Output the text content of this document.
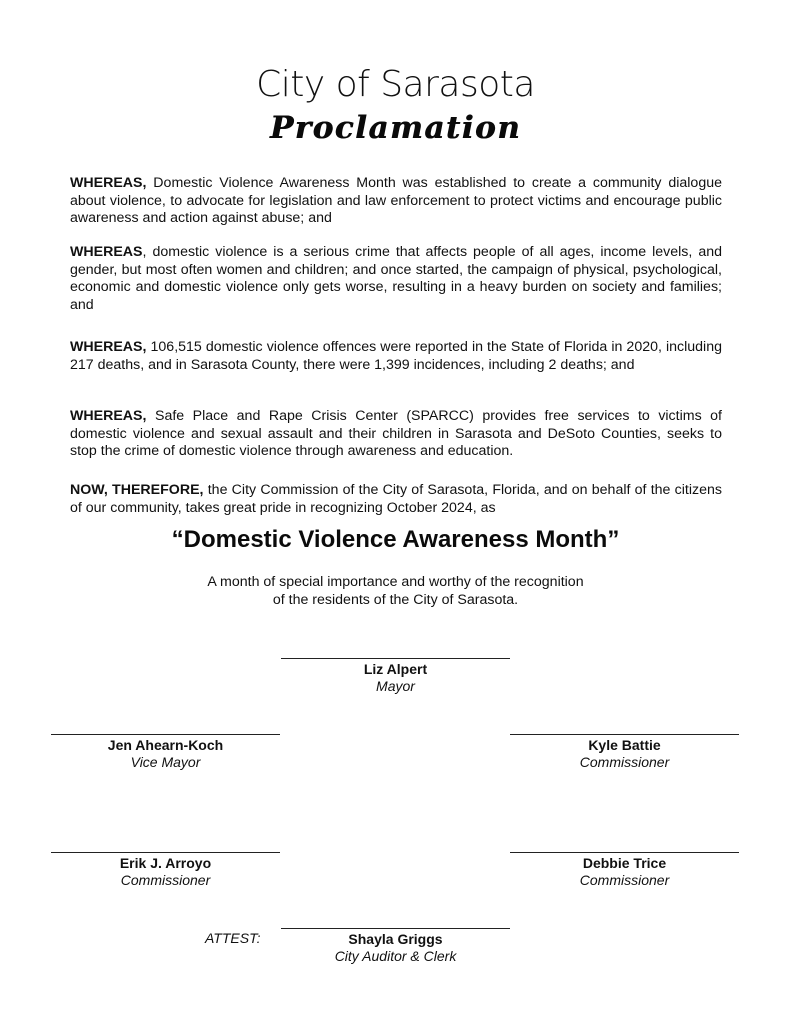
City of Sarasota
Proclamation

WHEREAS, Domestic Violence Awareness Month was established to create a community dialogue about violence, to advocate for legislation and law enforcement to protect victims and encourage public awareness and action against abuse; and

WHEREAS, domestic violence is a serious crime that affects people of all ages, income levels, and gender, but most often women and children; and once started, the campaign of physical, psychological, economic and domestic violence only gets worse, resulting in a heavy burden on society and families; and

WHEREAS, 106,515 domestic violence offences were reported in the State of Florida in 2020, including 217 deaths, and in Sarasota County, there were 1,399 incidences, including 2 deaths; and

WHEREAS, Safe Place and Rape Crisis Center (SPARCC) provides free services to victims of domestic violence and sexual assault and their children in Sarasota and DeSoto Counties, seeks to stop the crime of domestic violence through awareness and education.

NOW, THEREFORE, the City Commission of the City of Sarasota, Florida, and on behalf of the citizens of our community, takes great pride in recognizing October 2024, as

“Domestic Violence Awareness Month”
A month of special importance and worthy of the recognition
of the residents of the City of Sarasota.
Liz Alpert
Mayor
Jen Ahearn-Koch
Vice Mayor
Kyle Battie
Commissioner
Erik J. Arroyo
Commissioner
Debbie Trice
Commissioner
ATTEST:	Shayla Griggs
City Auditor & Clerk
